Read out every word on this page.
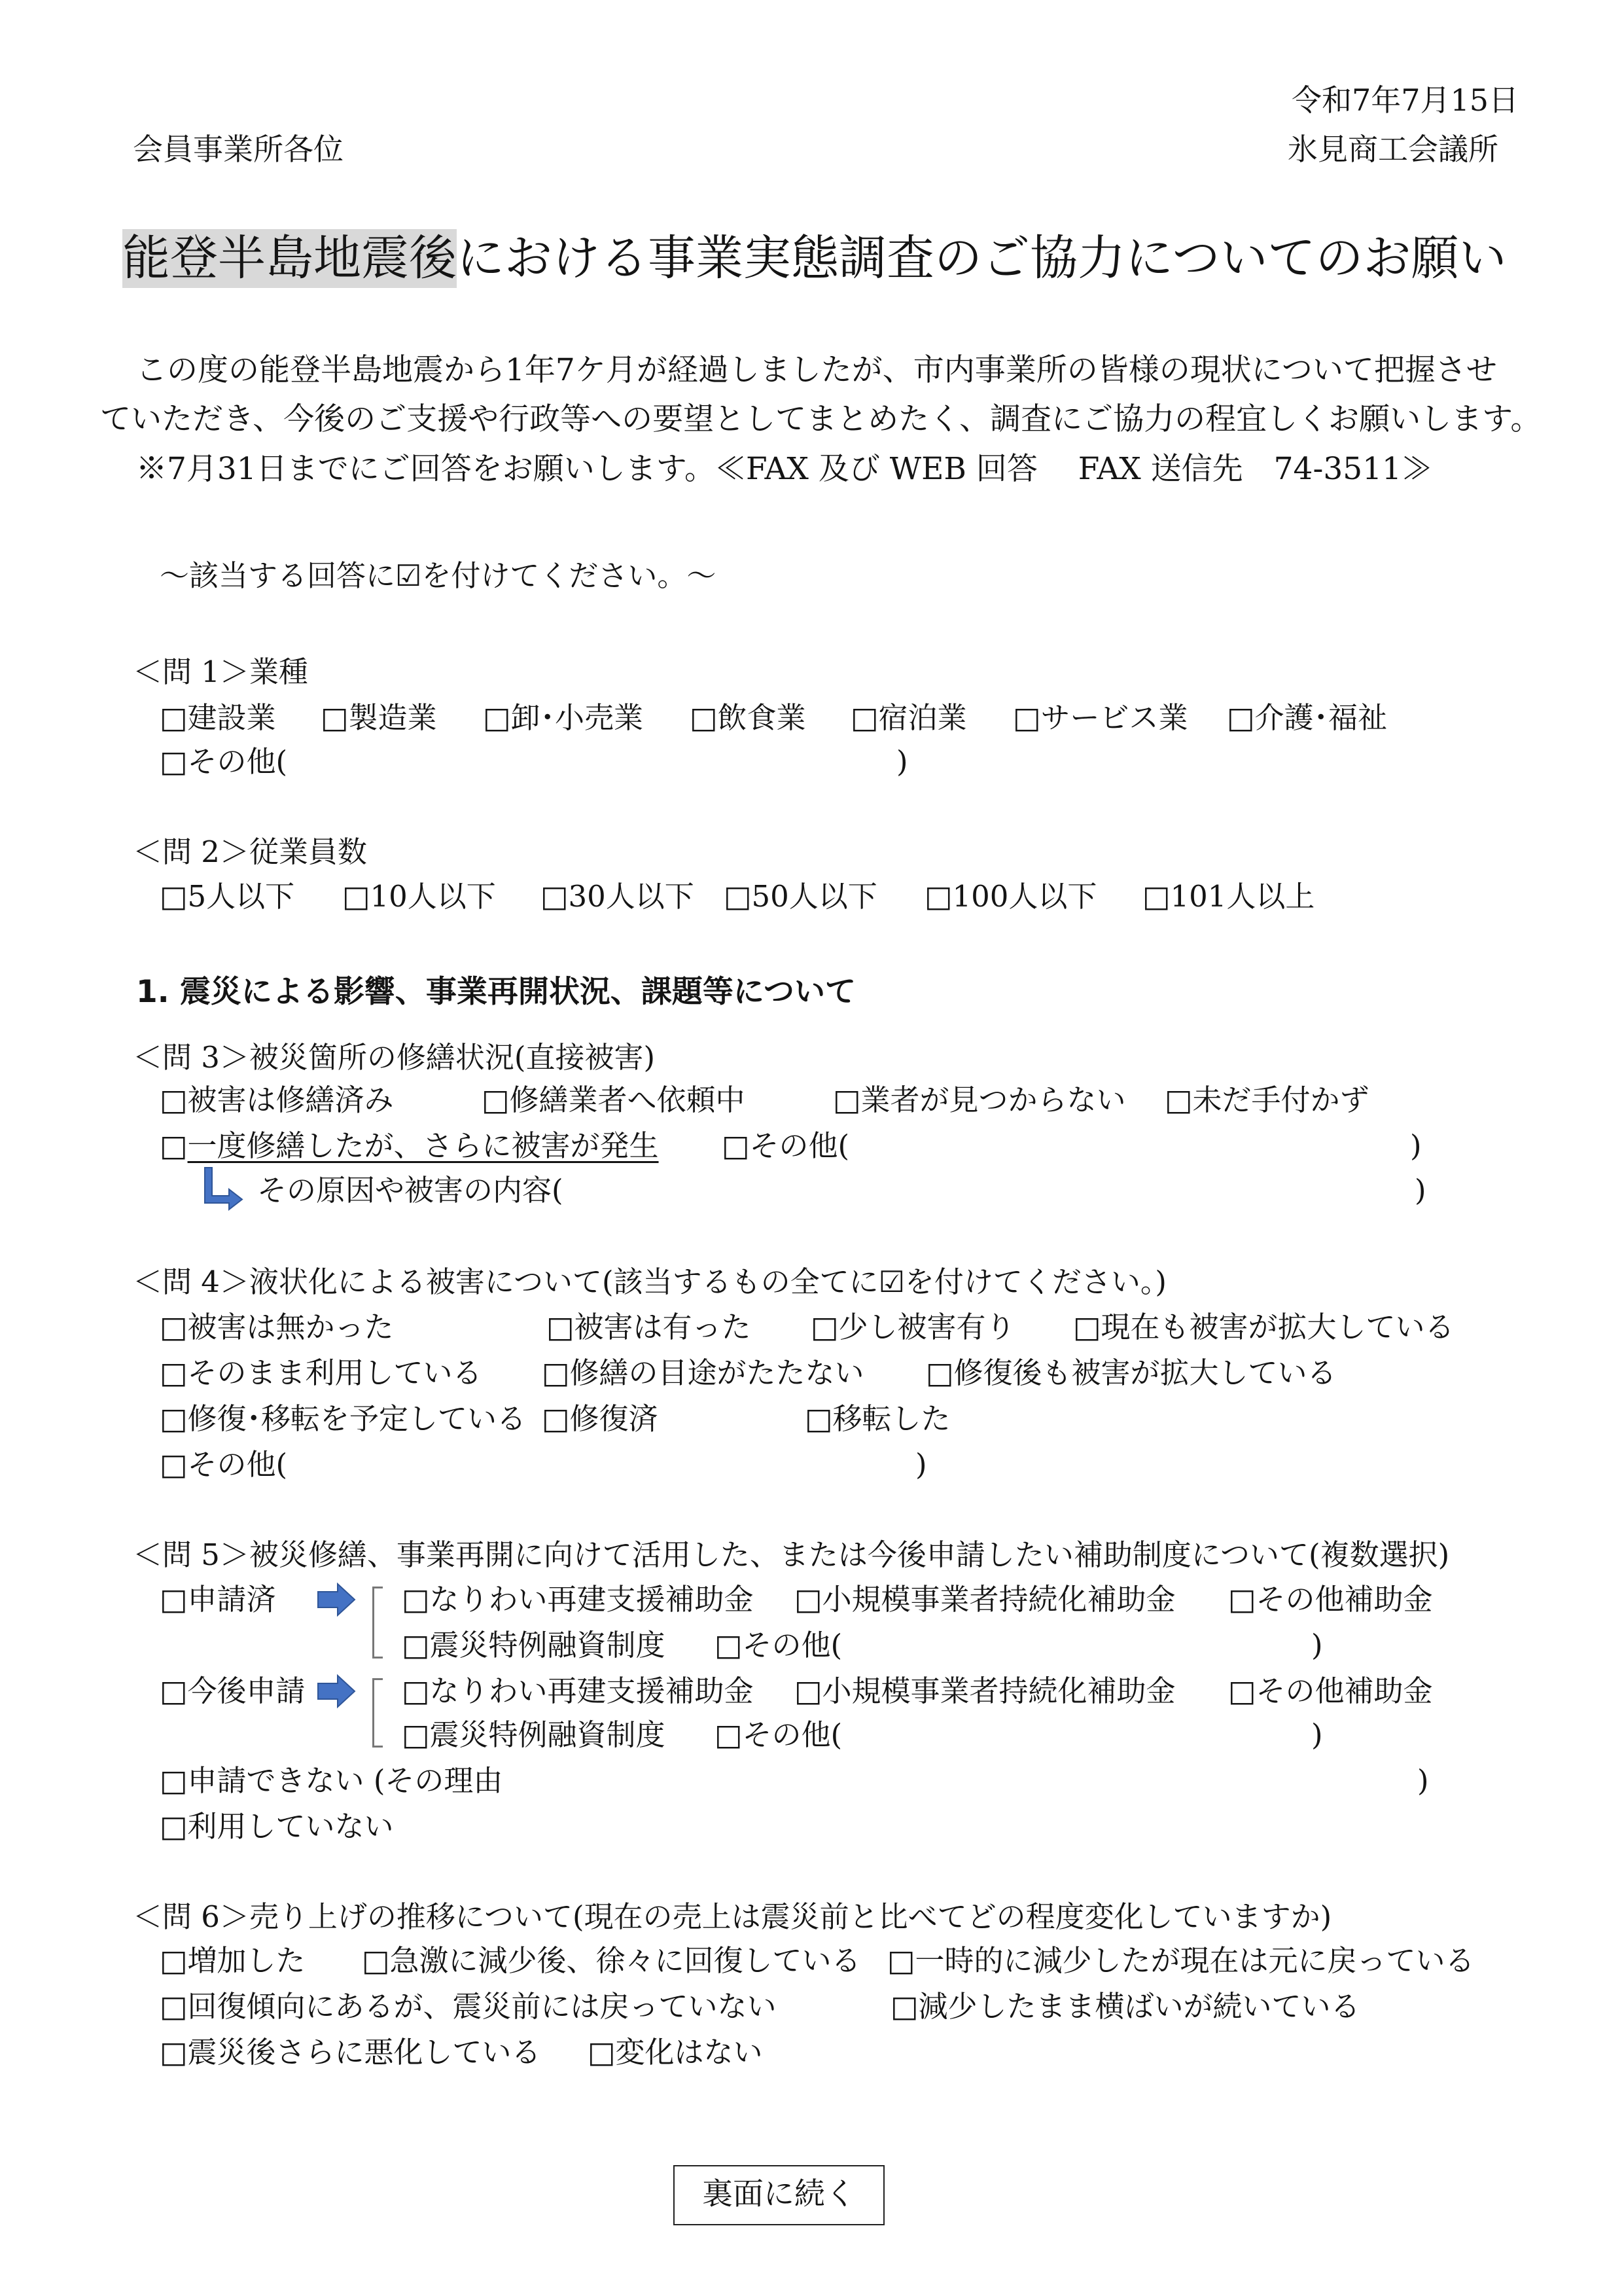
令和7年7月15日
会員事業所各位	氷見商工会議所
能登半島地震後における事業実態調査のご協力についてのお願い
この度の能登半島地震から1年7ケ月が経過しましたが、市内事業所の皆様の現状について把握させ
ていただき、今後のご支援や行政等への要望としてまとめたく、調査にご協力の程宜しくお願いします。
※7月31日までにご回答をお願いします。≪FAX 及び WEB 回答　 FAX 送信先　74-3511≫
～該当する回答に☑を付けてください。～
＜問 1＞業種
□建設業 □製造業 □卸･小売業 □飲食業 □宿泊業 □サービス業 □介護･福祉
□その他(	)
＜問 2＞従業員数
□5人以下 □10人以下 □30人以下 □50人以下 □100人以下 □101人以上
1. 震災による影響、事業再開状況、課題等について
＜問 3＞被災箇所の修繕状況(直接被害)
□被害は修繕済み	□修繕業者へ依頼中	□業者が見つからない □未だ手付かず
□一度修繕したが、さらに被害が発生 □その他(	)
その原因や被害の内容(	)
＜問 4＞液状化による被害について(該当するもの全てに☑を付けてください。)
□被害は無かった	□被害は有った □少し被害有り □現在も被害が拡大している
□そのまま利用している □修繕の目途がたたない □修復後も被害が拡大している
□修復･移転を予定している □修復済	□移転した
□その他(	)
＜問 5＞被災修繕、事業再開に向けて活用した、または今後申請したい補助制度について(複数選択)
□申請済	□なりわい再建支援補助金 □小規模事業者持続化補助金 □その他補助金
□震災特例融資制度 □その他(	)
□今後申請	□なりわい再建支援補助金 □小規模事業者持続化補助金 □その他補助金
□震災特例融資制度 □その他(	)
□申請できない (その理由	)
□利用していない
＜問 6＞売り上げの推移について(現在の売上は震災前と比べてどの程度変化していますか)
□増加した □急激に減少後、徐々に回復している □一時的に減少したが現在は元に戻っている
□回復傾向にあるが、震災前には戻っていない	□減少したまま横ばいが続いている
□震災後さらに悪化している □変化はない
裏面に続く
